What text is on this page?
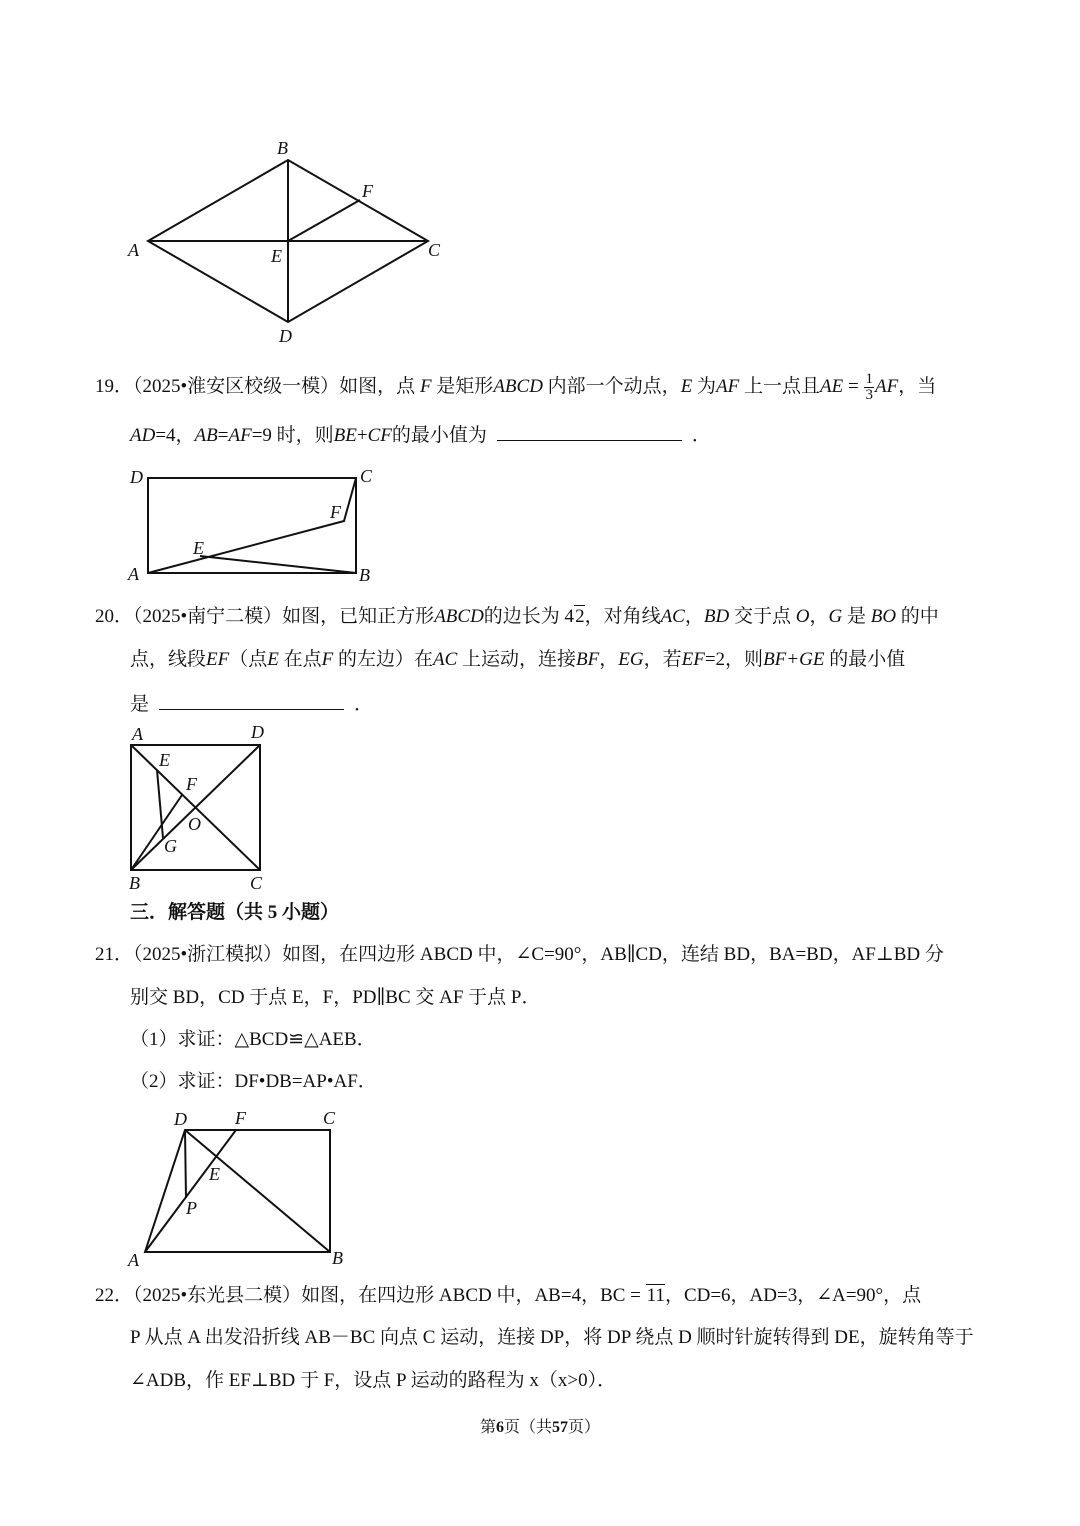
B
F
A	E	C
D
D	C
F
E
A	B
A	D
E
F
O
G
B	C
D	F	C
E
P
A	B
19．（2025•淮安区校级一模）如图，点 F 是矩形ABCD 内部一个动点，E 为AF 上一点且AE = $\frac{1}{3}$ AF，当
AD=4，AB=AF=9 时，则BE+CF的最小值为	．
20．（2025•南宁二模）如图，已知正方形ABCD的边长为 42，对角线AC，BD 交于点 O，G 是 BO 的中
点，线段EF（点E 在点F 的左边）在AC 上运动，连接BF，EG，若EF=2，则BF+GE 的最小值
是	．
三．解答题（共 5 小题）
21．（2025•浙江模拟）如图，在四边形 ABCD 中，∠C=90°，AB∥CD，连结 BD，BA=BD，AF⊥BD 分
别交 BD，CD 于点 E，F，PD∥BC 交 AF 于点 P．
（1）求证：△BCD≌△AEB．
（2）求证：DF•DB=AP•AF．
22．（2025•东光县二模）如图，在四边形 ABCD 中，AB=4，BC = 11，CD=6，AD=3，∠A=90°，点
P 从点 A 出发沿折线 AB－BC 向点 C 运动，连接 DP，将 DP 绕点 D 顺时针旋转得到 DE，旋转角等于
∠ADB，作 EF⊥BD 于 F，设点 P 运动的路程为 x（x>0）．
第6页（共57页）
